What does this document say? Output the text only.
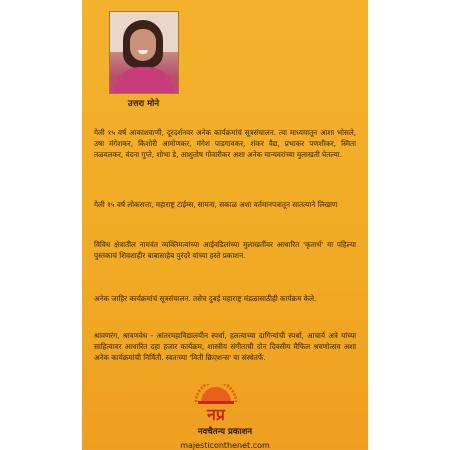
उत्तरा मोने
गेली १५ वर्ष आकाशवाणी, दूरदर्शनवर अनेक कार्यक्रमांचं सूत्रसंचालन. त्या माध्यमातून आशा भोसले, उषा मंगेशकर, किशोरी आमोणकर, मंगेश पाडगावकर, शंकर वैद्य, प्रभाकर पणशीकर, स्मिता तळवलकर, वंदना गुप्ते, शोभा डे, आशुतोष गोवारीकर अशा अनेक मान्यवरांच्या मुलाखती घेतल्या.
गेली १५ वर्ष लोकसत्ता, महाराष्ट्र टाईम्स, सामना, सकाळ अशा वर्तमानपत्रातून सातत्याने लिखाण
विविध क्षेत्रातील नामवंत व्यक्तिमत्वांच्या आईवडिलांच्या मुलाखतींवर आधारित 'कृतार्थ' या पहिल्या पुस्तकाचं शिवशाहीर बाबासाहेब पुरंदरे यांच्या हस्ते प्रकाशन.
अनेक जाहिर कार्यक्रमांचं सूत्रसंचालन. तसेच दुबई महाराष्ट्र मंडळासाठीही कार्यक्रम केले.
श्रावणरंग, श्रावणवेध - आंतरमहाविद्यालयीन स्पर्धा, हलत्याच्या दागिन्यांची स्पर्धा, आचार्य अत्रे यांच्या साहित्यावर आधारित दहा हजार कार्यक्रम, शास्त्रीय संगीताची दोन दिवसीय मैफिल श्रवणोत्सव अशा अनेक कार्यक्रमांची निर्मिती. स्वतःच्या 'मिती क्रिएशन्स' या संस्थेतर्फे.
नप्र
नवचैतन्य प्रकाशन
majesticonthenet.com
